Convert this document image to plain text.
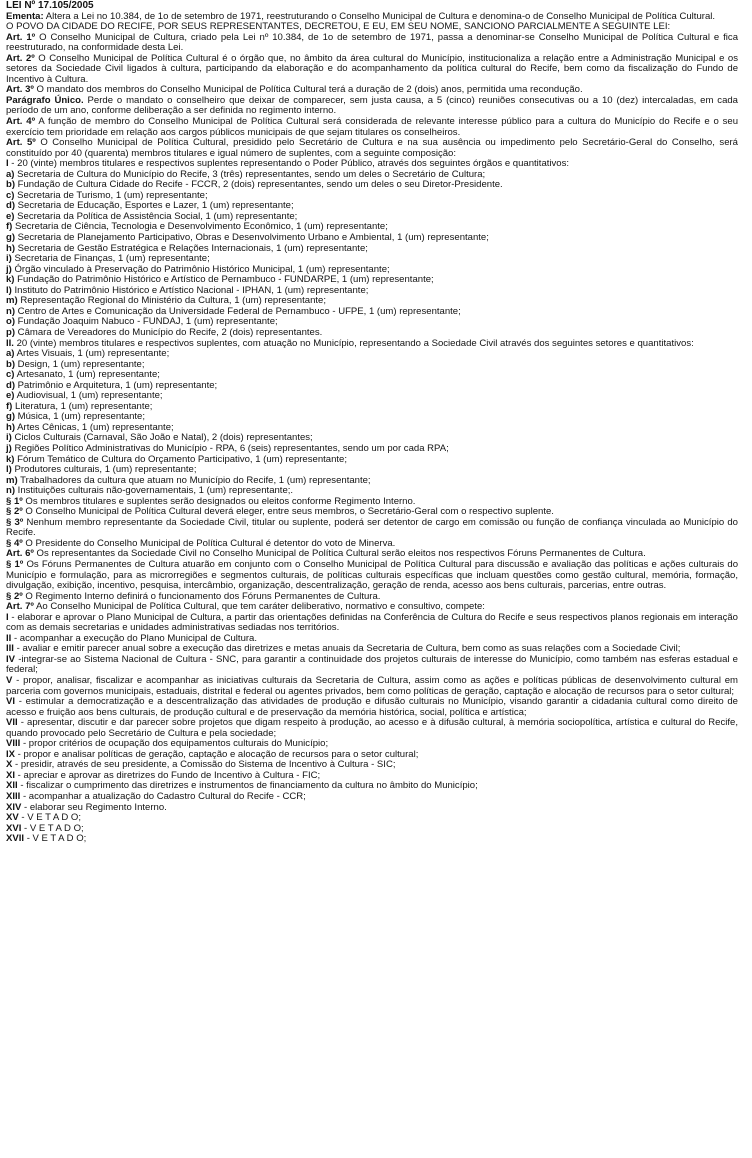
LEI Nº 17.105/2005
Ementa: Altera a Lei no 10.384, de 1o de setembro de 1971, reestruturando o Conselho Municipal de Cultura e denomina-o de Conselho Municipal de Política Cultural.
O POVO DA CIDADE DO RECIFE, POR SEUS REPRESENTANTES, DECRETOU, E EU, EM SEU NOME, SANCIONO PARCIALMENTE A SEGUINTE LEI:
Art. 1º O Conselho Municipal de Cultura, criado pela Lei nº 10.384, de 1o de setembro de 1971, passa a denominar-se Conselho Municipal de Política Cultural e fica reestruturado, na conformidade desta Lei.
Art. 2º O Conselho Municipal de Política Cultural é o órgão que, no âmbito da área cultural do Município, institucionaliza a relação entre a Administração Municipal e os setores da Sociedade Civil ligados à cultura, participando da elaboração e do acompanhamento da política cultural do Recife, bem como da fiscalização do Fundo de Incentivo à Cultura.
Art. 3º O mandato dos membros do Conselho Municipal de Política Cultural terá a duração de 2 (dois) anos, permitida uma recondução.
Parágrafo Único. Perde o mandato o conselheiro que deixar de comparecer, sem justa causa, a 5 (cinco) reuniões consecutivas ou a 10 (dez) intercaladas, em cada período de um ano, conforme deliberação a ser definida no regimento interno.
Art. 4º A função de membro do Conselho Municipal de Política Cultural será considerada de relevante interesse público para a cultura do Município do Recife e o seu exercício tem prioridade em relação aos cargos públicos municipais de que sejam titulares os conselheiros.
Art. 5º O Conselho Municipal de Política Cultural, presidido pelo Secretário de Cultura e na sua ausência ou impedimento pelo Secretário-Geral do Conselho, será constituído por 40 (quarenta) membros titulares e igual número de suplentes, com a seguinte composição:
I - 20 (vinte) membros titulares e respectivos suplentes representando o Poder Público, através dos seguintes órgãos e quantitativos:
a) Secretaria de Cultura do Município do Recife, 3 (três) representantes, sendo um deles o Secretário de Cultura;
b) Fundação de Cultura Cidade do Recife - FCCR, 2 (dois) representantes, sendo um deles o seu Diretor-Presidente.
c) Secretaria de Turismo, 1 (um) representante;
d) Secretaria de Educação, Esportes e Lazer, 1 (um) representante;
e) Secretaria da Política de Assistência Social, 1 (um) representante;
f) Secretaria de Ciência, Tecnologia e Desenvolvimento Econômico, 1 (um) representante;
g) Secretaria de Planejamento Participativo, Obras e Desenvolvimento Urbano e Ambiental, 1 (um) representante;
h) Secretaria de Gestão Estratégica e Relações Internacionais, 1 (um) representante;
i) Secretaria de Finanças, 1 (um) representante;
j) Órgão vinculado à Preservação do Patrimônio Histórico Municipal, 1 (um) representante;
k) Fundação do Patrimônio Histórico e Artístico de Pernambuco - FUNDARPE, 1 (um) representante;
l) Instituto do Patrimônio Histórico e Artístico Nacional - IPHAN, 1 (um) representante;
m) Representação Regional do Ministério da Cultura, 1 (um) representante;
n) Centro de Artes e Comunicação da Universidade Federal de Pernambuco - UFPE, 1 (um) representante;
o) Fundação Joaquim Nabuco - FUNDAJ, 1 (um) representante;
p) Câmara de Vereadores do Município do Recife, 2 (dois) representantes.
II. 20 (vinte) membros titulares e respectivos suplentes, com atuação no Município, representando a Sociedade Civil através dos seguintes setores e quantitativos:
a) Artes Visuais, 1 (um) representante;
b) Design, 1 (um) representante;
c) Artesanato, 1 (um) representante;
d) Patrimônio e Arquitetura, 1 (um) representante;
e) Audiovisual, 1 (um) representante;
f) Literatura, 1 (um) representante;
g) Música, 1 (um) representante;
h) Artes Cênicas, 1 (um) representante;
i) Ciclos Culturais (Carnaval, São João e Natal), 2 (dois) representantes;
j) Regiões Político Administrativas do Município - RPA, 6 (seis) representantes, sendo um por cada RPA;
k) Fórum Temático de Cultura do Orçamento Participativo, 1 (um) representante;
l) Produtores culturais, 1 (um) representante;
m) Trabalhadores da cultura que atuam no Município do Recife, 1 (um) representante;
n) Instituições culturais não-governamentais, 1 (um) representante;.
§ 1º Os membros titulares e suplentes serão designados ou eleitos conforme Regimento Interno.
§ 2º O Conselho Municipal de Política Cultural deverá eleger, entre seus membros, o Secretário-Geral com o respectivo suplente.
§ 3º Nenhum membro representante da Sociedade Civil, titular ou suplente, poderá ser detentor de cargo em comissão ou função de confiança vinculada ao Município do Recife.
§ 4º O Presidente do Conselho Municipal de Política Cultural é detentor do voto de Minerva.
Art. 6º Os representantes da Sociedade Civil no Conselho Municipal de Política Cultural serão eleitos nos respectivos Fóruns Permanentes de Cultura.
§ 1º Os Fóruns Permanentes de Cultura atuarão em conjunto com o Conselho Municipal de Política Cultural para discussão e avaliação das políticas e ações culturais do Município e formulação, para as microrregiões e segmentos culturais, de políticas culturais específicas que incluam questões como gestão cultural, memória, formação, divulgação, exibição, incentivo, pesquisa, intercâmbio, organização, descentralização, geração de renda, acesso aos bens culturais, parcerias, entre outras.
§ 2º O Regimento Interno definirá o funcionamento dos Fóruns Permanentes de Cultura.
Art. 7º Ao Conselho Municipal de Política Cultural, que tem caráter deliberativo, normativo e consultivo, compete:
I - elaborar e aprovar o Plano Municipal de Cultura, a partir das orientações definidas na Conferência de Cultura do Recife e seus respectivos planos regionais em interação com as demais secretarias e unidades administrativas sediadas nos territórios.
II - acompanhar a execução do Plano Municipal de Cultura.
III - avaliar e emitir parecer anual sobre a execução das diretrizes e metas anuais da Secretaria de Cultura, bem como as suas relações com a Sociedade Civil;
IV -integrar-se ao Sistema Nacional de Cultura - SNC, para garantir a continuidade dos projetos culturais de interesse do Município, como também nas esferas estadual e federal;
V - propor, analisar, fiscalizar e acompanhar as iniciativas culturais da Secretaria de Cultura, assim como as ações e políticas públicas de desenvolvimento cultural em parceria com governos municipais, estaduais, distrital e federal ou agentes privados, bem como políticas de geração, captação e alocação de recursos para o setor cultural;
VI - estimular a democratização e a descentralização das atividades de produção e difusão culturais no Município, visando garantir a cidadania cultural como direito de acesso e fruição aos bens culturais, de produção cultural e de preservação da memória histórica, social, política e artística;
VII - apresentar, discutir e dar parecer sobre projetos que digam respeito à produção, ao acesso e à difusão cultural, à memória sociopolítica, artística e cultural do Recife, quando provocado pelo Secretário de Cultura e pela sociedade;
VIII - propor critérios de ocupação dos equipamentos culturais do Município;
IX - propor e analisar políticas de geração, captação e alocação de recursos para o setor cultural;
X - presidir, através de seu presidente, a Comissão do Sistema de Incentivo à Cultura - SIC;
XI - apreciar e aprovar as diretrizes do Fundo de Incentivo à Cultura - FIC;
XII - fiscalizar o cumprimento das diretrizes e instrumentos de financiamento da cultura no âmbito do Município;
XIII - acompanhar a atualização do Cadastro Cultural do Recife - CCR;
XIV - elaborar seu Regimento Interno.
XV - V E T A D O;
XVI - V E T A D O;
XVII - V E T A D O;
